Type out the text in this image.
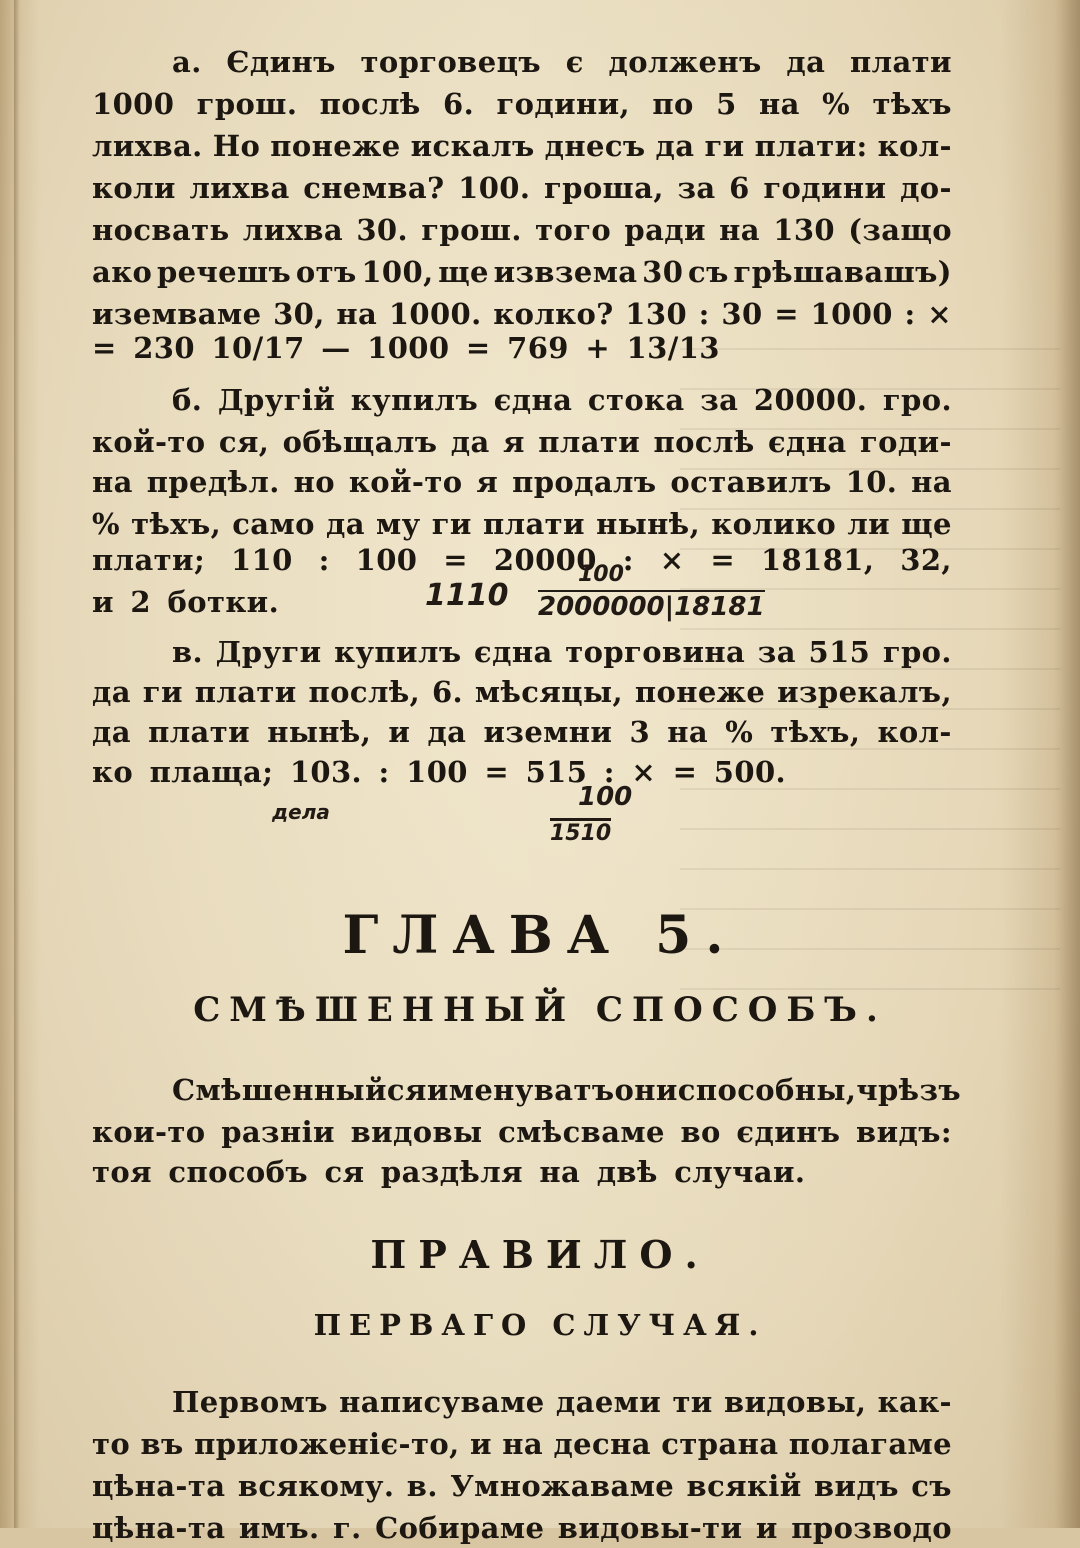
а. Єдинъ торговецъ є долженъ да плати
1000 грош. послѣ 6. години, по 5 на % тѣхъ
лихва. Но понеже искалъ днесъ да ги плати: кол-
коли лихва снемва? 100. гроша, за 6 години до-
носвать лихва 30. грош. того ради на 130 (защо
ако речешъ отъ 100, ще извзема 30 съ грѣшавашъ)
иземваме 30, на 1000. колко? 130 : 30 = 1000 : ×
= 230 10/17 — 1000 = 769 + 13/13
б. Другій купилъ єдна стока за 20000. гро.
кой-то ся, обѣщалъ да я плати послѣ єдна годи-
на предѣл. но кой-то я продалъ оставилъ 10. на
% тѣхъ, само да му ги плати нынѣ, колико ли ще
плати; 110 : 100 = 20000 : × = 18181, 32,
и 2 ботки.
в. Други купилъ єдна торговина за 515 гро.
да ги плати послѣ, 6. мѣсяцы, понеже изрекалъ,
да плати нынѣ, и да иземни 3 на % тѣхъ, кол-
ко плаща; 103. : 100 = 515 : × = 500.
Смѣшенный ся именуватъ они способны, чрѣзъ
кои-то разніи видовы смѣсваме во єдинъ видъ:
тоя способъ ся раздѣля на двѣ случаи.
Первомъ написуваме даеми ти видовы, как-
то въ приложеніє-то, и на десна страна полагаме
цѣна-та всякому. в. Умножаваме всякій видъ съ
цѣна-та имъ. г. Собираме видовы-ти и прозводо
ГЛАВА 5.
СМѢШЕННЫЙ СПОСОБЪ.
ПРАВИЛО.
ПЕРВАГО СЛУЧАЯ.
1110
100
2000000|18181
дела	100
1510
